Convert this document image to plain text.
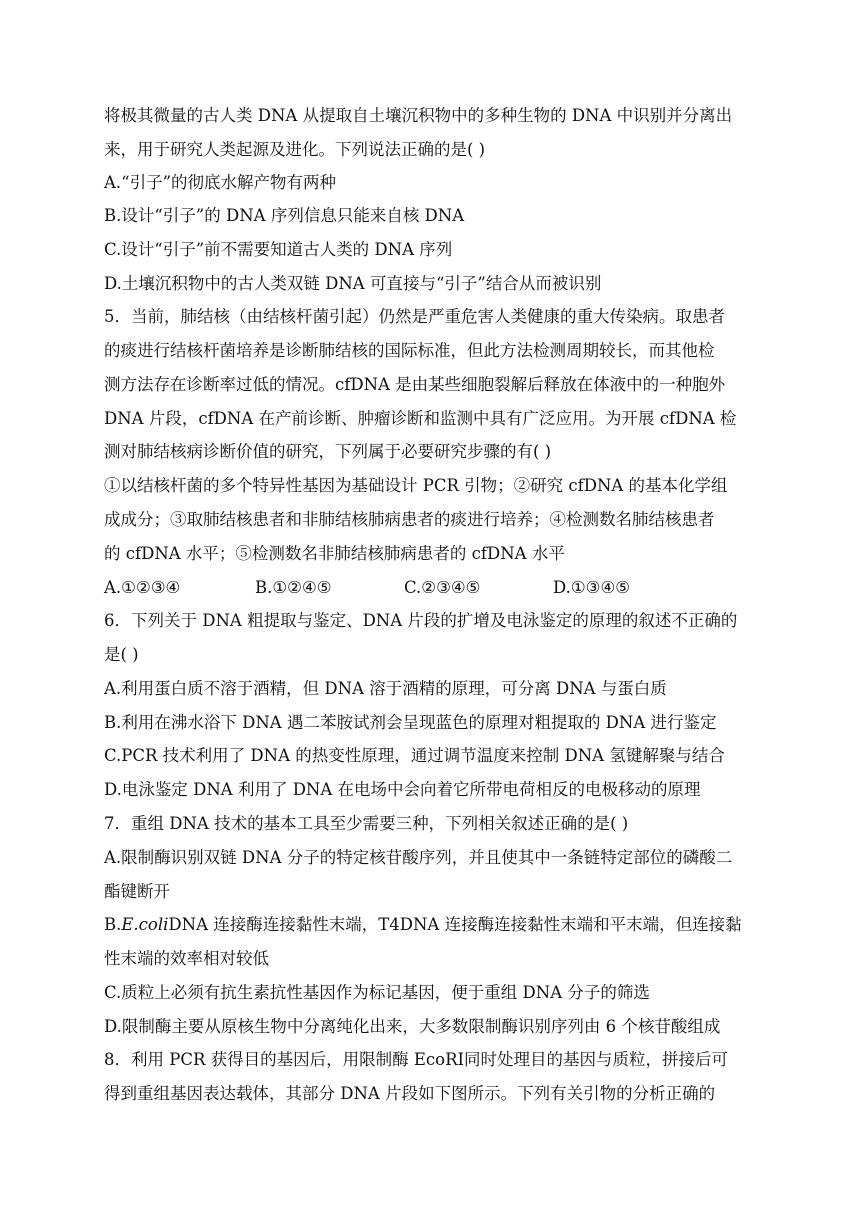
将极其微量的古人类 DNA 从提取自土壤沉积物中的多种生物的 DNA 中识别并分离出
来，用于研究人类起源及进化。下列说法正确的是( )
A.“引子”的彻底水解产物有两种
B.设计“引子”的 DNA 序列信息只能来自核 DNA
C.设计“引子”前不需要知道古人类的 DNA 序列
D.土壤沉积物中的古人类双链 DNA 可直接与“引子”结合从而被识别
5．当前，肺结核（由结核杆菌引起）仍然是严重危害人类健康的重大传染病。取患者
的痰进行结核杆菌培养是诊断肺结核的国际标准，但此方法检测周期较长，而其他检
测方法存在诊断率过低的情况。cfDNA 是由某些细胞裂解后释放在体液中的一种胞外
DNA 片段，cfDNA 在产前诊断、肿瘤诊断和监测中具有广泛应用。为开展 cfDNA 检
测对肺结核病诊断价值的研究，下列属于必要研究步骤的有( )
①以结核杆菌的多个特异性基因为基础设计 PCR 引物；②研究 cfDNA 的基本化学组
成成分；③取肺结核患者和非肺结核肺病患者的痰进行培养；④检测数名肺结核患者
的 cfDNA 水平；⑤检测数名非肺结核肺病患者的 cfDNA 水平
A.①②③④	B.①②④⑤	C.②③④⑤	D.①③④⑤
6．下列关于 DNA 粗提取与鉴定、DNA 片段的扩增及电泳鉴定的原理的叙述不正确的
是( )
A.利用蛋白质不溶于酒精，但 DNA 溶于酒精的原理，可分离 DNA 与蛋白质
B.利用在沸水浴下 DNA 遇二苯胺试剂会呈现蓝色的原理对粗提取的 DNA 进行鉴定
C.PCR 技术利用了 DNA 的热变性原理，通过调节温度来控制 DNA 氢键解聚与结合
D.电泳鉴定 DNA 利用了 DNA 在电场中会向着它所带电荷相反的电极移动的原理
7．重组 DNA 技术的基本工具至少需要三种，下列相关叙述正确的是( )
A.限制酶识别双链 DNA 分子的特定核苷酸序列，并且使其中一条链特定部位的磷酸二
酯键断开
B.E.coliDNA 连接酶连接黏性末端，T4DNA 连接酶连接黏性末端和平末端，但连接黏
性末端的效率相对较低
C.质粒上必须有抗生素抗性基因作为标记基因，便于重组 DNA 分子的筛选
D.限制酶主要从原核生物中分离纯化出来，大多数限制酶识别序列由 6 个核苷酸组成
8．利用 PCR 获得目的基因后，用限制酶 EcoRⅠ同时处理目的基因与质粒，拼接后可
得到重组基因表达载体，其部分 DNA 片段如下图所示。下列有关引物的分析正确的
